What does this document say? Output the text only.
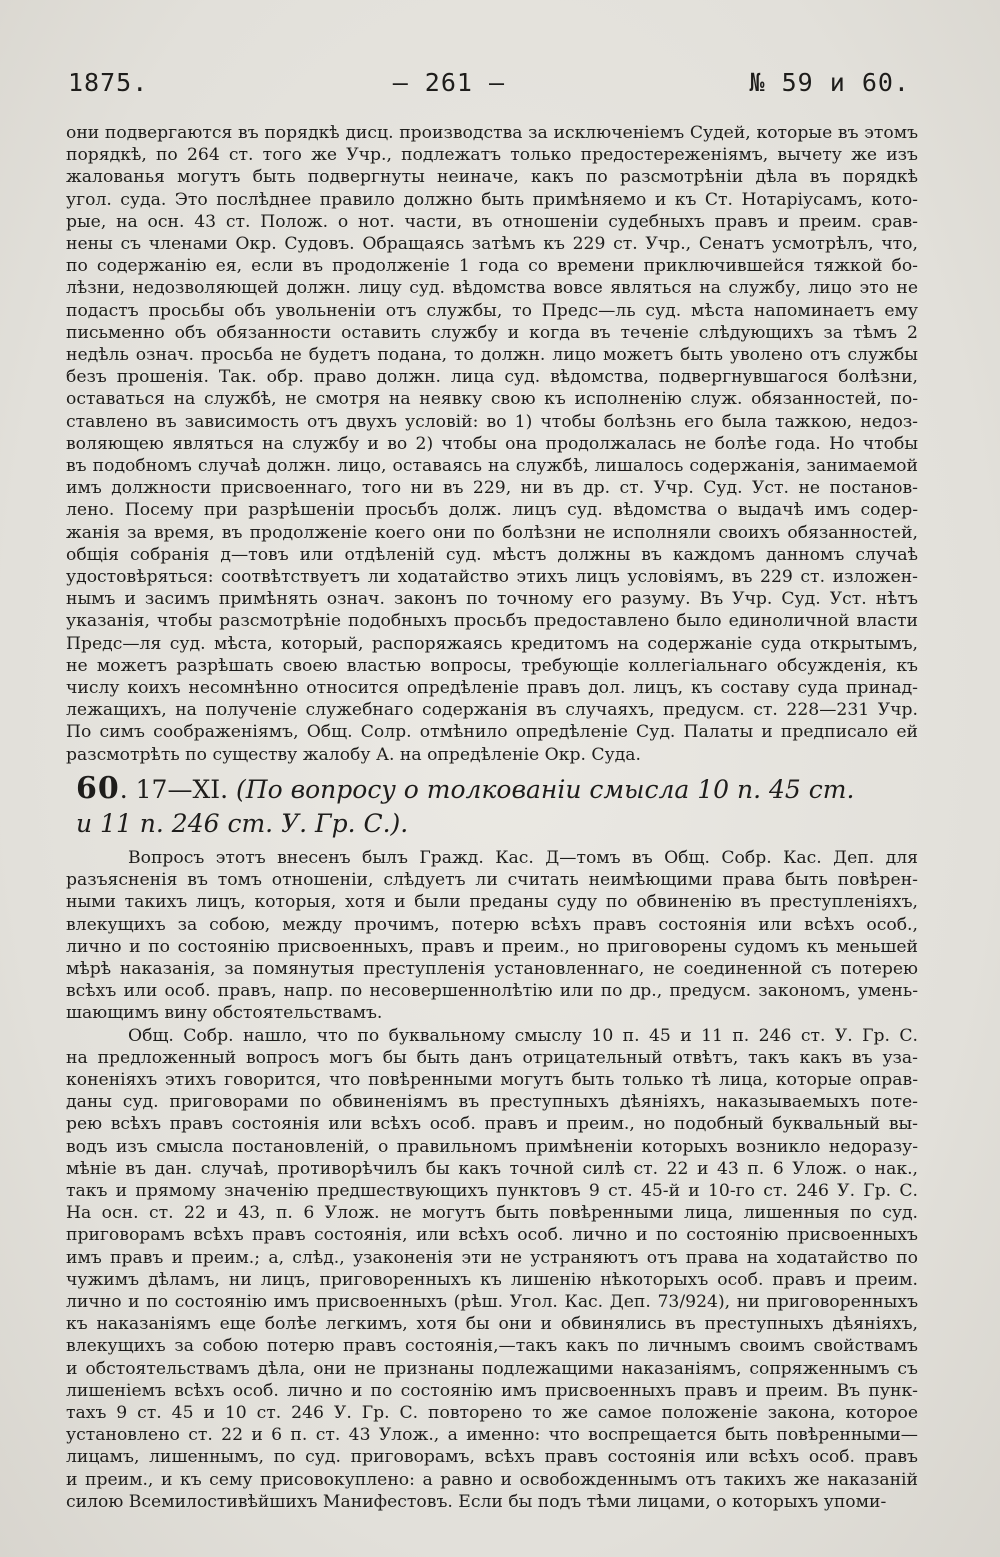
1875.	— 261 —	№ 59 и 60.
они подвергаются въ порядкѣ дисц. производства за исключеніемъ Судей, которые въ этомъ
порядкѣ, по 264 ст. того же Учр., подлежатъ только предостереженіямъ, вычету же изъ
жалованья могутъ быть подвергнуты неиначе, какъ по разсмотрѣніи дѣла въ порядкѣ
угол. суда. Это послѣднее правило должно быть примѣняемо и къ Ст. Нотаріусамъ, кото-
рые, на осн. 43 ст. Полож. о нот. части, въ отношеніи судебныхъ правъ и преим. срав-
нены съ членами Окр. Судовъ. Обращаясь затѣмъ къ 229 ст. Учр., Сенатъ усмотрѣлъ, что,
по содержанію ея, если въ продолженіе 1 года со времени приключившейся тяжкой бо-
лѣзни, недозволяющей должн. лицу суд. вѣдомства вовсе являться на службу, лицо это не
подастъ просьбы объ увольненіи отъ службы, то Предс—ль суд. мѣста напоминаетъ ему
письменно объ обязанности оставить службу и когда въ теченіе слѣдующихъ за тѣмъ 2
недѣль означ. просьба не будетъ подана, то должн. лицо можетъ быть уволено отъ службы
безъ прошенія. Так. обр. право должн. лица суд. вѣдомства, подвергнувшагося болѣзни,
оставаться на службѣ, не смотря на неявку свою къ исполненію служ. обязанностей, по-
ставлено въ зависимость отъ двухъ условій: во 1) чтобы болѣзнь его была тажкою, недоз-
воляющею являться на службу и во 2) чтобы она продолжалась не болѣе года. Но чтобы
въ подобномъ случаѣ должн. лицо, оставаясь на службѣ, лишалось содержанія, занимаемой
имъ должности присвоеннаго, того ни въ 229, ни въ др. ст. Учр. Суд. Уст. не постанов-
лено. Посему при разрѣшеніи просьбъ долж. лицъ суд. вѣдомства о выдачѣ имъ содер-
жанія за время, въ продолженіе коего они по болѣзни не исполняли своихъ обязанностей,
общія собранія д—товъ или отдѣленій суд. мѣстъ должны въ каждомъ данномъ случаѣ
удостовѣряться: соотвѣтствуетъ ли ходатайство этихъ лицъ условіямъ, въ 229 ст. изложен-
нымъ и засимъ примѣнять означ. законъ по точному его разуму. Въ Учр. Суд. Уст. нѣтъ
указанія, чтобы разсмотрѣніе подобныхъ просьбъ предоставлено было единоличной власти
Предс—ля суд. мѣста, который, распоряжаясь кредитомъ на содержаніе суда открытымъ,
не можетъ разрѣшать своею властью вопросы, требующіе коллегіальнаго обсужденія, къ
числу коихъ несомнѣнно относится опредѣленіе правъ дол. лицъ, къ составу суда принад-
лежащихъ, на полученіе служебнаго содержанія въ случаяхъ, предусм. ст. 228—231 Учр.
По симъ соображеніямъ, Общ. Солр. отмѣнило опредѣленіе Суд. Палаты и предписало ей
разсмотрѣть по существу жалобу А. на опредѣленіе Окр. Суда.
60. 17—XI. (По вопросу о толкованіи смысла 10 п. 45 ст.
и 11 п. 246 ст. У. Гр. С.).
Вопросъ этотъ внесенъ былъ Гражд. Кас. Д—томъ въ Общ. Собр. Кас. Деп. для
разъясненія въ томъ отношеніи, слѣдуетъ ли считать неимѣющими права быть повѣрен-
ными такихъ лицъ, которыя, хотя и были преданы суду по обвиненію въ преступленіяхъ,
влекущихъ за собою, между прочимъ, потерю всѣхъ правъ состоянія или всѣхъ особ.,
лично и по состоянію присвоенныхъ, правъ и преим., но приговорены судомъ къ меньшей
мѣрѣ наказанія, за помянутыя преступленія установленнаго, не соединенной съ потерею
всѣхъ или особ. правъ, напр. по несовершеннолѣтію или по др., предусм. закономъ, умень-
шающимъ вину обстоятельствамъ.
Общ. Собр. нашло, что по буквальному смыслу 10 п. 45 и 11 п. 246 ст. У. Гр. С.
на предложенный вопросъ могъ бы быть данъ отрицательный отвѣтъ, такъ какъ въ уза-
коненіяхъ этихъ говорится, что повѣренными могутъ быть только тѣ лица, которые оправ-
даны суд. приговорами по обвиненіямъ въ преступныхъ дѣяніяхъ, наказываемыхъ поте-
рею всѣхъ правъ состоянія или всѣхъ особ. правъ и преим., но подобный буквальный вы-
водъ изъ смысла постановленій, о правильномъ примѣненіи которыхъ возникло недоразу-
мѣніе въ дан. случаѣ, противорѣчилъ бы какъ точной силѣ ст. 22 и 43 п. 6 Улож. о нак.,
такъ и прямому значенію предшествующихъ пунктовъ 9 ст. 45-й и 10-го ст. 246 У. Гр. С.
На осн. ст. 22 и 43, п. 6 Улож. не могутъ быть повѣренными лица, лишенныя по суд.
приговорамъ всѣхъ правъ состоянія, или всѣхъ особ. лично и по состоянію присвоенныхъ
имъ правъ и преим.; а, слѣд., узаконенія эти не устраняютъ отъ права на ходатайство по
чужимъ дѣламъ, ни лицъ, приговоренныхъ къ лишенію нѣкоторыхъ особ. правъ и преим.
лично и по состоянію имъ присвоенныхъ (рѣш. Угол. Кас. Деп. 73/924), ни приговоренныхъ
къ наказаніямъ еще болѣе легкимъ, хотя бы они и обвинялись въ преступныхъ дѣяніяхъ,
влекущихъ за собою потерю правъ состоянія,—такъ какъ по личнымъ своимъ свойствамъ
и обстоятельствамъ дѣла, они не признаны подлежащими наказаніямъ, сопряженнымъ съ
лишеніемъ всѣхъ особ. лично и по состоянію имъ присвоенныхъ правъ и преим. Въ пунк-
тахъ 9 ст. 45 и 10 ст. 246 У. Гр. С. повторено то же самое положеніе закона, которое
установлено ст. 22 и 6 п. ст. 43 Улож., а именно: что воспрещается быть повѣренными—
лицамъ, лишеннымъ, по суд. приговорамъ, всѣхъ правъ состоянія или всѣхъ особ. правъ
и преим., и къ сему присовокуплено: а равно и освобожденнымъ отъ такихъ же наказаній
силою Всемилостивѣйшихъ Манифестовъ. Если бы подъ тѣми лицами, о которыхъ упоми-
